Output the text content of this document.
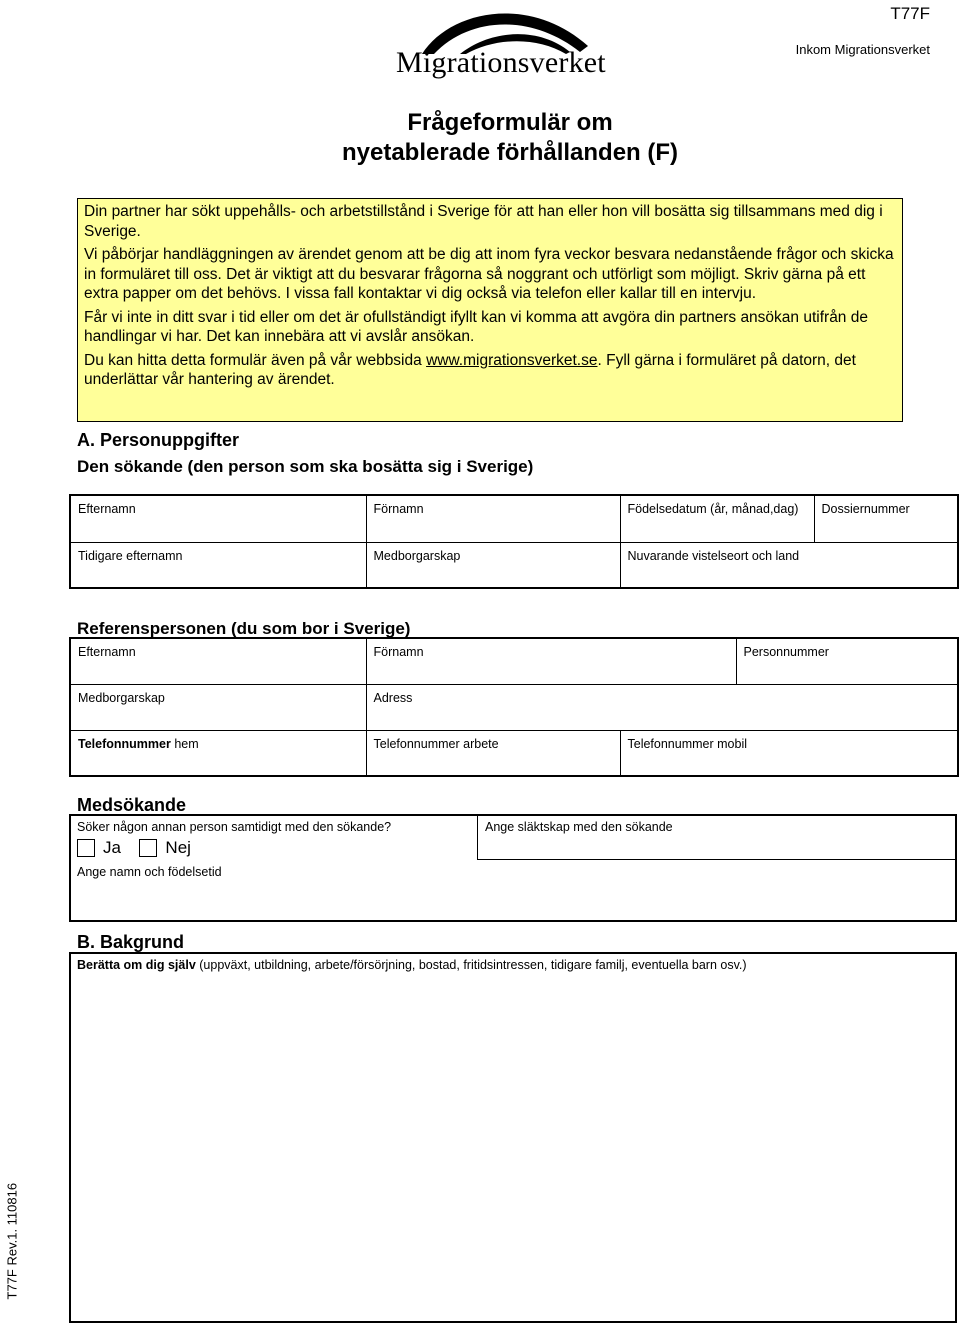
Migrationsverket
T77F
Inkom Migrationsverket
Frågeformulär om
nyetablerade förhållanden (F)

Din partner har sökt uppehålls- och arbetstillstånd i Sverige för att han eller hon vill bosätta sig tillsammans med dig i Sverige.

Vi påbörjar handläggningen av ärendet genom att be dig att inom fyra veckor besvara nedanstående frågor och skicka in formuläret till oss. Det är viktigt att du besvarar frågorna så noggrant och utförligt som möjligt. Skriv gärna på ett extra papper om det behövs. I vissa fall kontaktar vi dig också via telefon eller kallar till en intervju.

Får vi inte in ditt svar i tid eller om det är ofullständigt ifyllt kan vi komma att avgöra din partners ansökan utifrån de handlingar vi har. Det kan innebära att vi avslår ansökan.

Du kan hitta detta formulär även på vår webbsida www.migrationsverket.se. Fyll gärna i formuläret på datorn, det underlättar vår hantering av ärendet.

A. Personuppgifter
Den sökande (den person som ska bosätta sig i Sverige)
Efternamn	Förnamn	Födelsedatum (år, månad,dag)	Dossiernummer
Tidigare efternamn	Medborgarskap	Nuvarande vistelseort och land	
Referenspersonen (du som bor i Sverige)
Efternamn	Förnamn		Personnummer
Medborgarskap	Adress		
Telefonnummer hem	Telefonnummer arbete	Telefonnummer mobil	
Medsökande
Söker någon annan person samtidigt med den sökande?	Ange släktskap med den sökande
Ja	Nej
Ange namn och födelsetid
B. Bakgrund
Berätta om dig själv (uppväxt, utbildning, arbete/försörjning, bostad, fritidsintressen, tidigare familj, eventuella barn osv.)
T77F Rev.1. 110816
